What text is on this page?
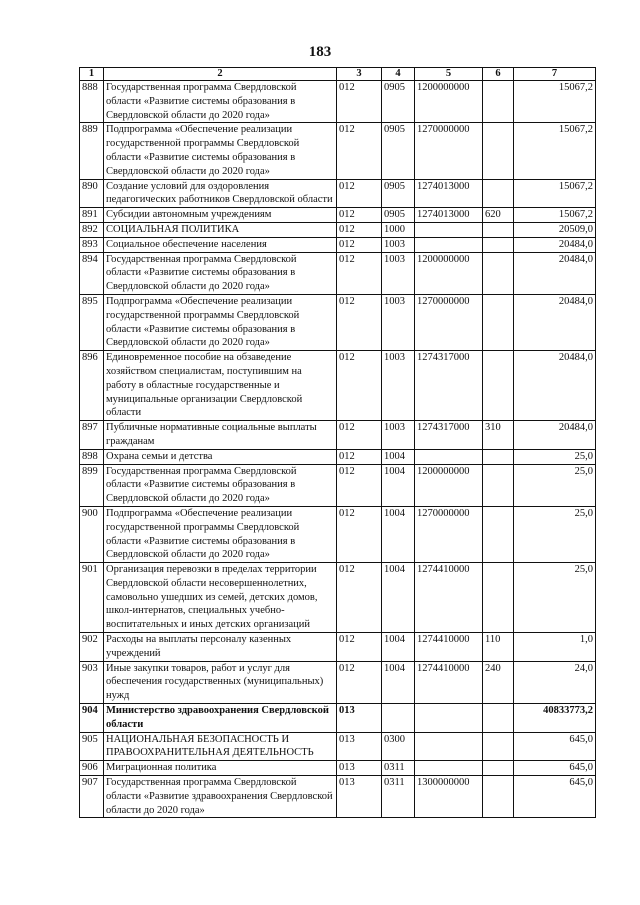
183
1	2	3	4	5	6	7
888	Государственная программа Свердловской области «Развитие системы образования в Свердловской области до 2020 года»	012	0905	1200000000		15067,2
889	Подпрограмма «Обеспечение реализации государственной программы Свердловской области «Развитие системы образования в Свердловской области до 2020 года»	012	0905	1270000000		15067,2
890	Создание условий для оздоровления педагогических работников Свердловской области	012	0905	1274013000		15067,2
891	Субсидии автономным учреждениям	012	0905	1274013000	620	15067,2
892	СОЦИАЛЬНАЯ ПОЛИТИКА	012	1000			20509,0
893	Социальное обеспечение населения	012	1003			20484,0
894	Государственная программа Свердловской области «Развитие системы образования в Свердловской области до 2020 года»	012	1003	1200000000		20484,0
895	Подпрограмма «Обеспечение реализации государственной программы Свердловской области «Развитие системы образования в Свердловской области до 2020 года»	012	1003	1270000000		20484,0
896	Единовременное пособие на обзаведение хозяйством специалистам, поступившим на работу в областные государственные и муниципальные организации Свердловской области	012	1003	1274317000		20484,0
897	Публичные нормативные социальные выплаты гражданам	012	1003	1274317000	310	20484,0
898	Охрана семьи и детства	012	1004			25,0
899	Государственная программа Свердловской области «Развитие системы образования в Свердловской области до 2020 года»	012	1004	1200000000		25,0
900	Подпрограмма «Обеспечение реализации государственной программы Свердловской области «Развитие системы образования в Свердловской области до 2020 года»	012	1004	1270000000		25,0
901	Организация перевозки в пределах территории Свердловской области несовершеннолетних, самовольно ушедших из семей, детских домов, школ-интернатов, специальных учебно-воспитательных и иных детских организаций	012	1004	1274410000		25,0
902	Расходы на выплаты персоналу казенных учреждений	012	1004	1274410000	110	1,0
903	Иные закупки товаров, работ и услуг для обеспечения государственных (муниципальных) нужд	012	1004	1274410000	240	24,0
904	Министерство здравоохранения Свердловской области	013				40833773,2
905	НАЦИОНАЛЬНАЯ БЕЗОПАСНОСТЬ И ПРАВООХРАНИТЕЛЬНАЯ ДЕЯТЕЛЬНОСТЬ	013	0300			645,0
906	Миграционная политика	013	0311			645,0
907	Государственная программа Свердловской области «Развитие здравоохранения Свердловской области до 2020 года»	013	0311	1300000000		645,0
